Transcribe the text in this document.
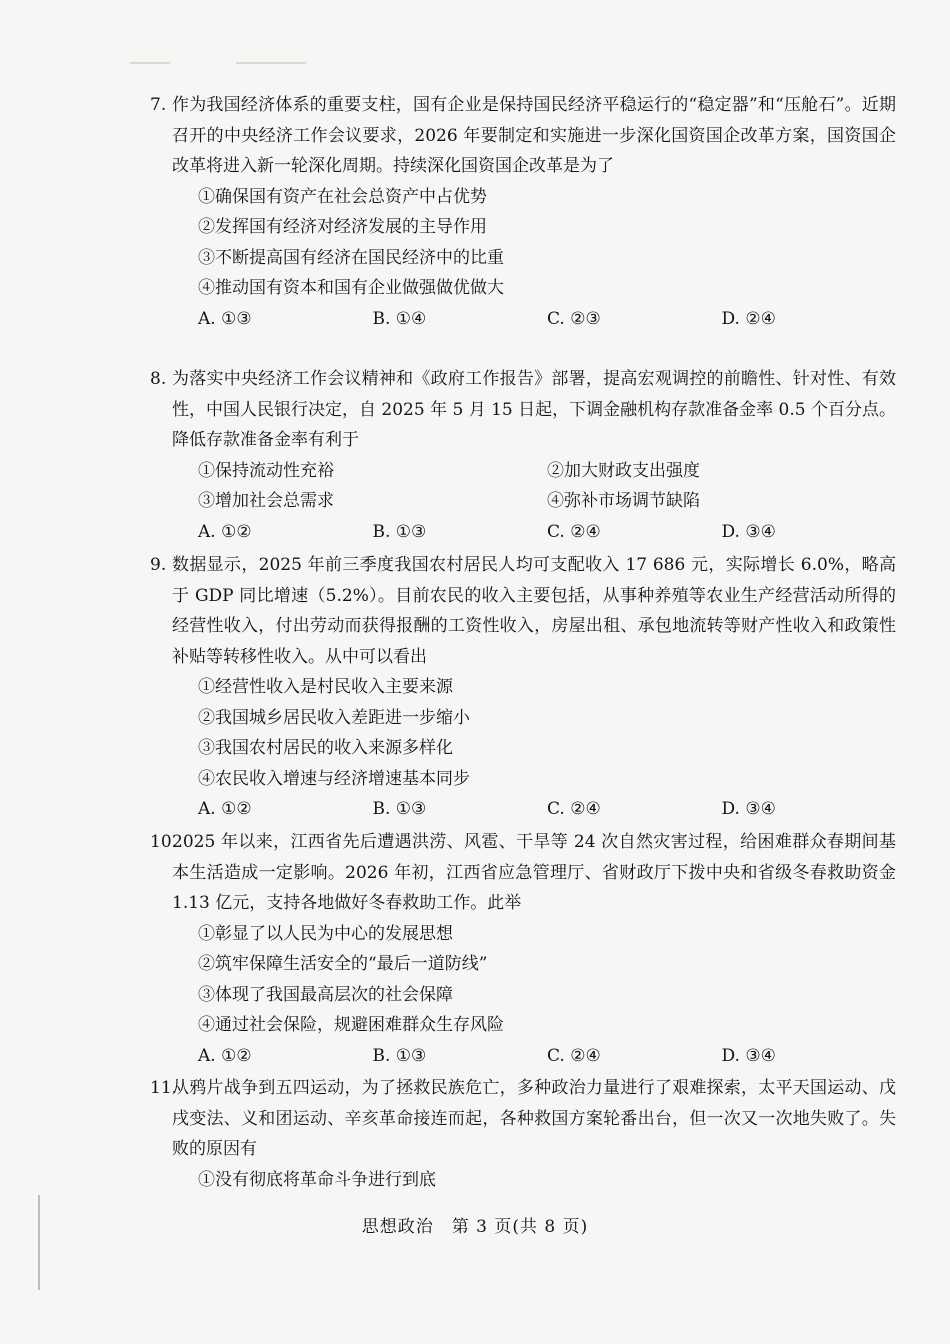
7. 作为我国经济体系的重要支柱，国有企业是保持国民经济平稳运行的“稳定器”和“压舱石”。近期召开的中央经济工作会议要求，2026 年要制定和实施进一步深化国资国企改革方案，国资国企改革将进入新一轮深化周期。持续深化国资国企改革是为了

①确保国有资产在社会总资产中占优势

②发挥国有经济对经济发展的主导作用

③不断提高国有经济在国民经济中的比重

④推动国有资本和国有企业做强做优做大

A. ①③	B. ①④	C. ②③	D. ②④
8. 为落实中央经济工作会议精神和《政府工作报告》部署，提高宏观调控的前瞻性、针对性、有效性，中国人民银行决定，自 2025 年 5 月 15 日起，下调金融机构存款准备金率 0.5 个百分点。降低存款准备金率有利于

①保持流动性充裕	②加大财政支出强度

③增加社会总需求	④弥补市场调节缺陷

A. ①②	B. ①③	C. ②④	D. ③④
9. 数据显示，2025 年前三季度我国农村居民人均可支配收入 17 686 元，实际增长 6.0%，略高于 GDP 同比增速（5.2%）。目前农民的收入主要包括，从事种养殖等农业生产经营活动所得的经营性收入，付出劳动而获得报酬的工资性收入，房屋出租、承包地流转等财产性收入和政策性补贴等转移性收入。从中可以看出

①经营性收入是村民收入主要来源

②我国城乡居民收入差距进一步缩小

③我国农村居民的收入来源多样化

④农民收入增速与经济增速基本同步

A. ①②	B. ①③	C. ②④	D. ③④
10.

2025 年以来，江西省先后遭遇洪涝、风雹、干旱等 24 次自然灾害过程，给困难群众春期间基本生活造成一定影响。2026 年初，江西省应急管理厅、省财政厅下拨中央和省级冬春救助资金 1.13 亿元，支持各地做好冬春救助工作。此举

①彰显了以人民为中心的发展思想

②筑牢保障生活安全的“最后一道防线”

③体现了我国最高层次的社会保障

④通过社会保险，规避困难群众生存风险

A. ①②	B. ①③	C. ②④	D. ③④
11.

从鸦片战争到五四运动，为了拯救民族危亡，多种政治力量进行了艰难探索，太平天国运动、戊戌变法、义和团运动、辛亥革命接连而起，各种救国方案轮番出台，但一次又一次地失败了。失败的原因有

①没有彻底将革命斗争进行到底

思想政治　第 3 页(共 8 页)
